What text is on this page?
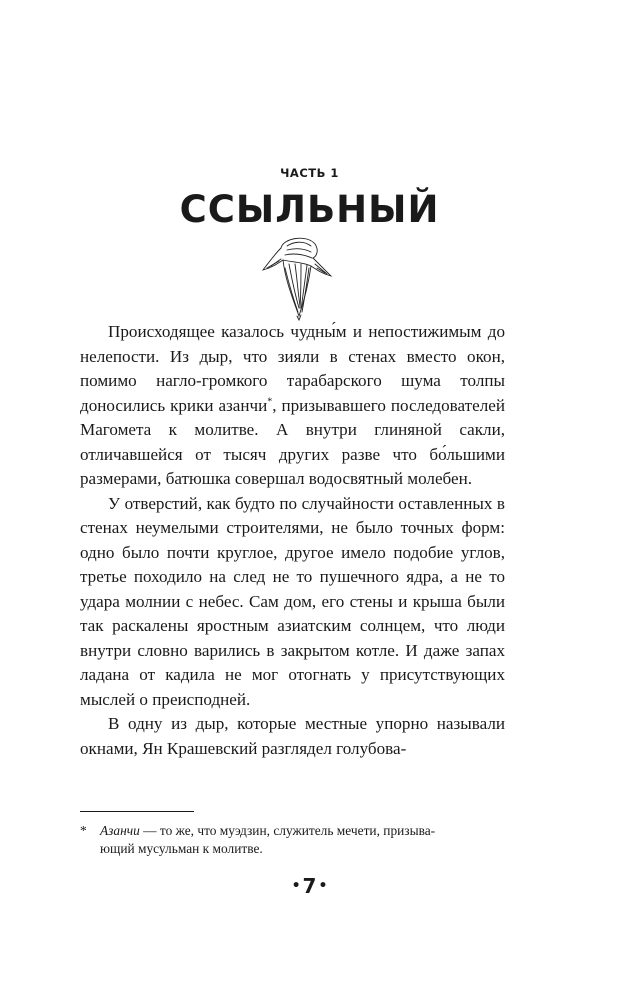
ЧАСТЬ 1
ССЫЛЬНЫЙ

Происходящее казалось чудны́м и непостижимым до нелепости. Из дыр, что зияли в стенах вместо окон, помимо нагло-громкого тарабарского шума толпы доносились крики азанчи*, призывавшего последователей Магомета к молитве. А внутри глиняной сакли, отличавшейся от тысяч других разве что бо́льшими размерами, батюшка совершал водосвятный молебен.

У отверстий, как будто по случайности оставленных в стенах неумелыми строителями, не было точных форм: одно было почти круглое, другое имело подобие углов, третье походило на след не то пушечного ядра, а не то удара молнии с небес. Сам дом, его стены и крыша были так раскалены яростным азиатским солнцем, что люди внутри словно варились в закрытом котле. И даже запах ладана от кадила не мог отогнать у присутствующих мыслей о преисподней.

В одну из дыр, которые местные упорно называли окнами, Ян Крашевский разглядел голубова-

* Азанчи — то же, что муэдзин, служитель мечети, призыва-
ющий мусульман к молитве.
• 7 •
